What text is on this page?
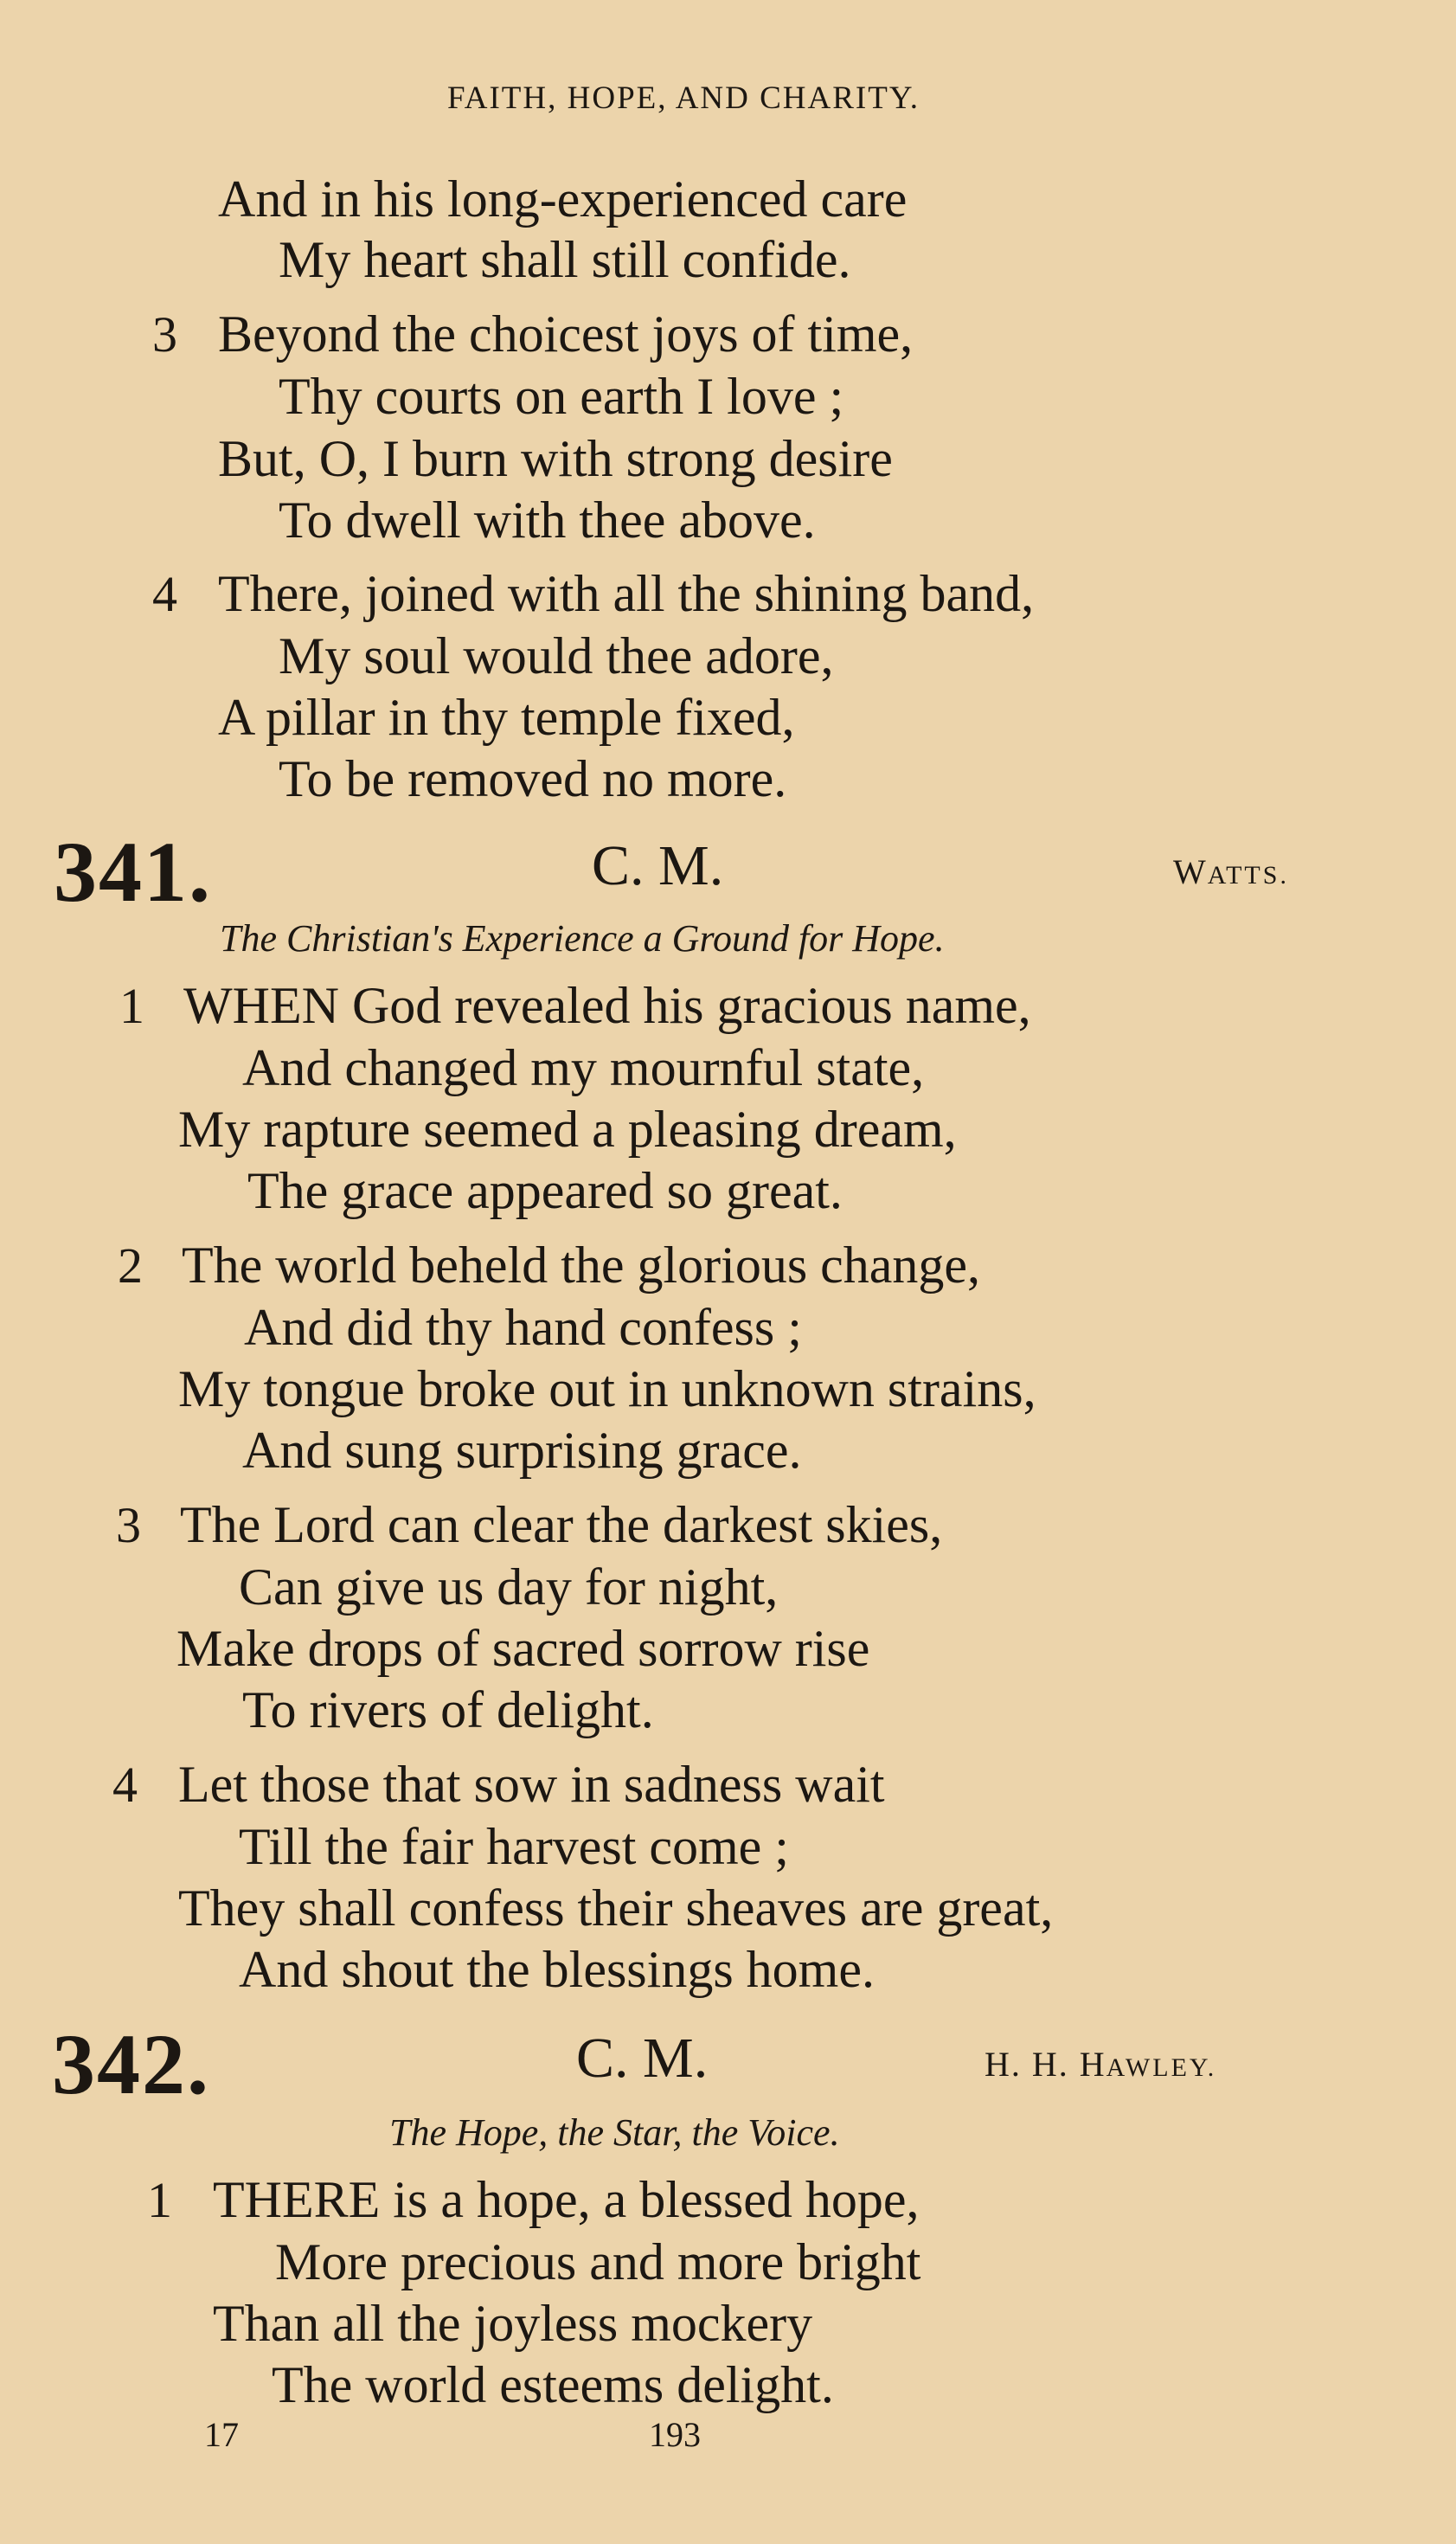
FAITH, HOPE, AND CHARITY.
And in his long-experienced care
My heart shall still confide.
3 Beyond the choicest joys of time,
Thy courts on earth I love ;
But, O, I burn with strong desire
To dwell with thee above.
4 There, joined with all the shining band,
My soul would thee adore,
A pillar in thy temple fixed,
To be removed no more.
341.	C. M.	WATTS.
The Christian's Experience a Ground for Hope.
1 WHEN God revealed his gracious name,
And changed my mournful state,
My rapture seemed a pleasing dream,
The grace appeared so great.
2 The world beheld the glorious change,
And did thy hand confess ;
My tongue broke out in unknown strains,
And sung surprising grace.
3 The Lord can clear the darkest skies,
Can give us day for night,
Make drops of sacred sorrow rise
To rivers of delight.
4 Let those that sow in sadness wait
Till the fair harvest come ;
They shall confess their sheaves are great,
And shout the blessings home.
342.	C. M.	H. H. HAWLEY.
The Hope, the Star, the Voice.
1 THERE is a hope, a blessed hope,
More precious and more bright
Than all the joyless mockery
The world esteems delight.
17	193
